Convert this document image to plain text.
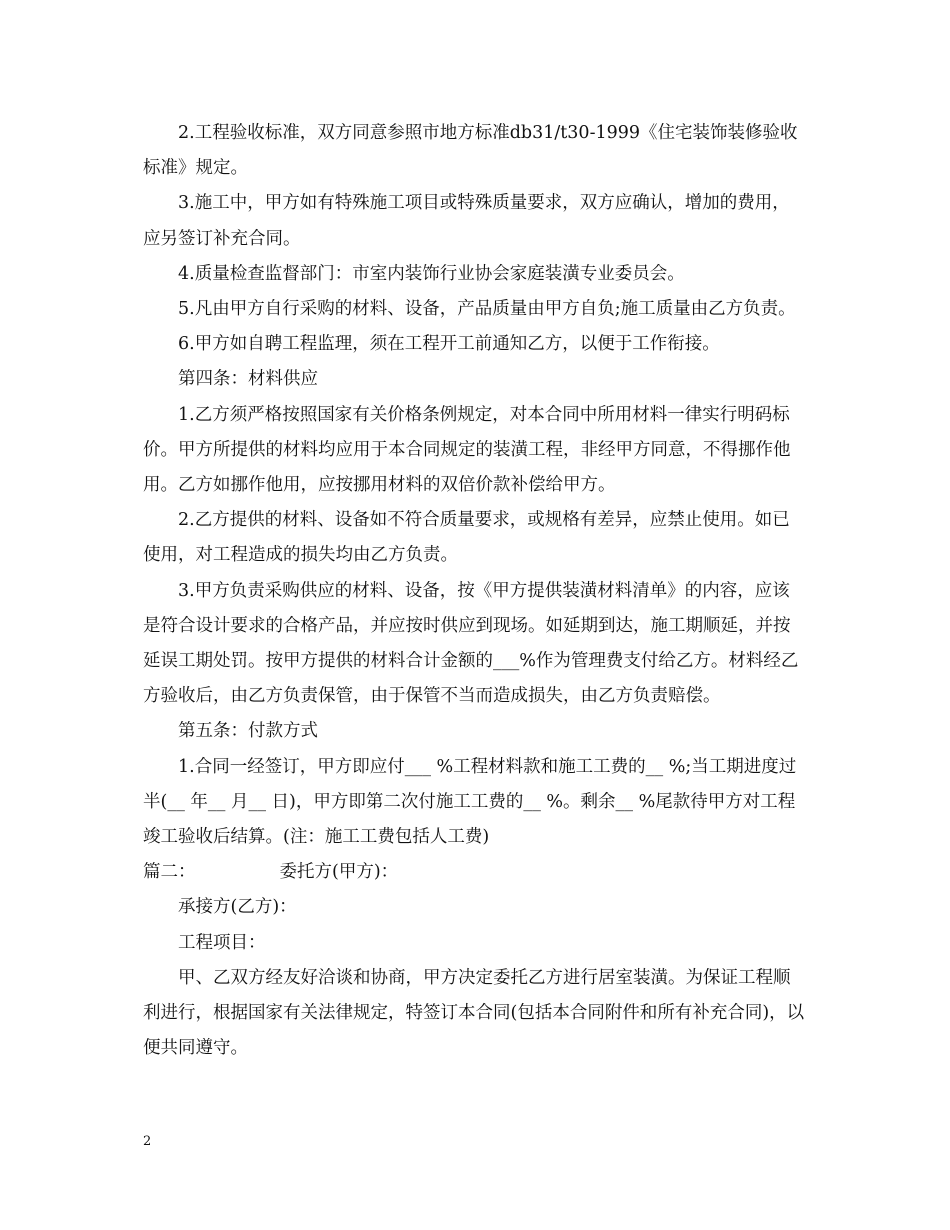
2.工程验收标准，双方同意参照市地方标准db31/t30-1999《住宅装饰装修验收标准》规定。

3.施工中，甲方如有特殊施工项目或特殊质量要求，双方应确认，增加的费用，应另签订补充合同。

4.质量检查监督部门：市室内装饰行业协会家庭装潢专业委员会。

5.凡由甲方自行采购的材料、设备，产品质量由甲方自负;施工质量由乙方负责。

6.甲方如自聘工程监理，须在工程开工前通知乙方，以便于工作衔接。

第四条：材料供应

1.乙方须严格按照国家有关价格条例规定，对本合同中所用材料一律实行明码标价。甲方所提供的材料均应用于本合同规定的装潢工程，非经甲方同意，不得挪作他用。乙方如挪作他用，应按挪用材料的双倍价款补偿给甲方。

2.乙方提供的材料、设备如不符合质量要求，或规格有差异，应禁止使用。如已使用，对工程造成的损失均由乙方负责。

3.甲方负责采购供应的材料、设备，按《甲方提供装潢材料清单》的内容，应该是符合设计要求的合格产品，并应按时供应到现场。如延期到达，施工期顺延，并按延误工期处罚。按甲方提供的材料合计金额的___%作为管理费支付给乙方。材料经乙方验收后，由乙方负责保管，由于保管不当而造成损失，由乙方负责赔偿。

第五条：付款方式

1.合同一经签订，甲方即应付___ %工程材料款和施工工费的__ %;当工期进度过半(__ 年__ 月__ 日)，甲方即第二次付施工工费的__ %。剩余__ %尾款待甲方对工程竣工验收后结算。(注：施工工费包括人工费)

篇二：	委托方(甲方)：

承接方(乙方)：

工程项目：

甲、乙双方经友好洽谈和协商，甲方决定委托乙方进行居室装潢。为保证工程顺利进行，根据国家有关法律规定，特签订本合同(包括本合同附件和所有补充合同)，以便共同遵守。

2
